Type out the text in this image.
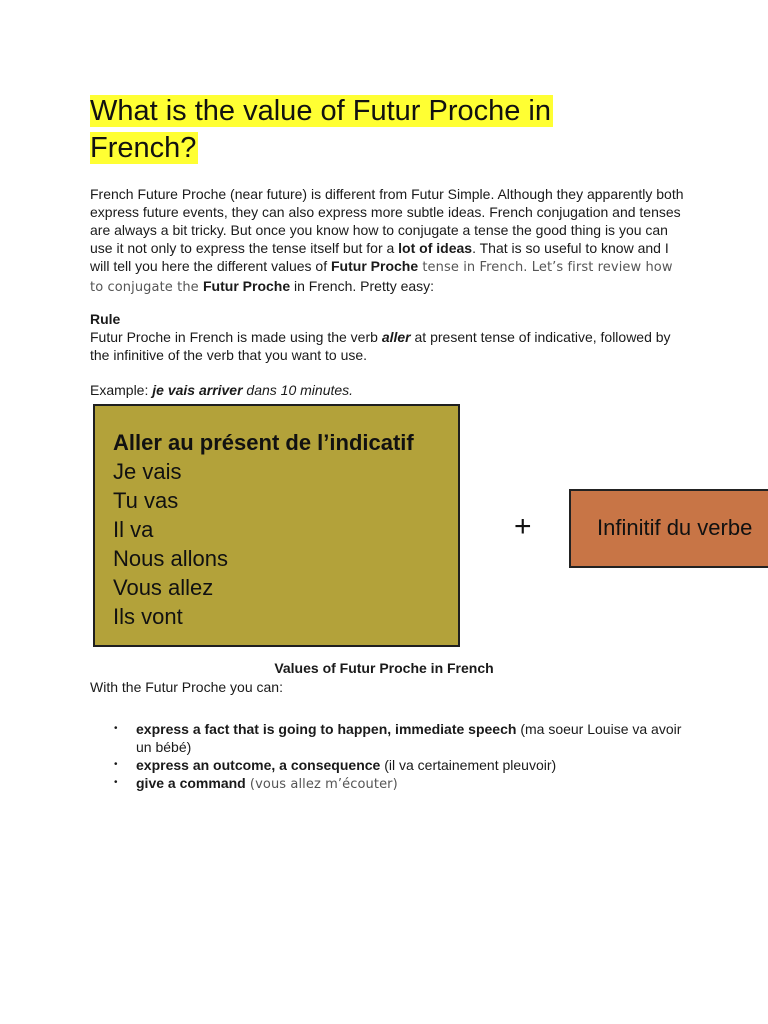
What is the value of Futur Proche in French?

French Future Proche (near future) is different from Futur Simple. Although they apparently both express future events, they can also express more subtle ideas. French conjugation and tenses are always a bit tricky. But once you know how to conjugate a tense the good thing is you can use it not only to express the tense itself but for a lot of ideas. That is so useful to know and I will tell you here the different values of Futur Proche tense in French. Let’s first review how to conjugate the Futur Proche in French. Pretty easy:

Rule

Futur Proche in French is made using the verb aller at present tense of indicative, followed by the infinitive of the verb that you want to use.

Example: je vais arriver dans 10 minutes.

Aller au présent de l’indicatif

Je vais
Tu vas
Il va
Nous allons
Vous allez
Ils vont
+	Infinitif du verbe

Values of Futur Proche in French

With the Futur Proche you can:

• express a fact that is going to happen, immediate speech (ma soeur Louise va avoir un bébé)
• express an outcome, a consequence (il va certainement pleuvoir)
• give a command (vous allez m’écouter)
